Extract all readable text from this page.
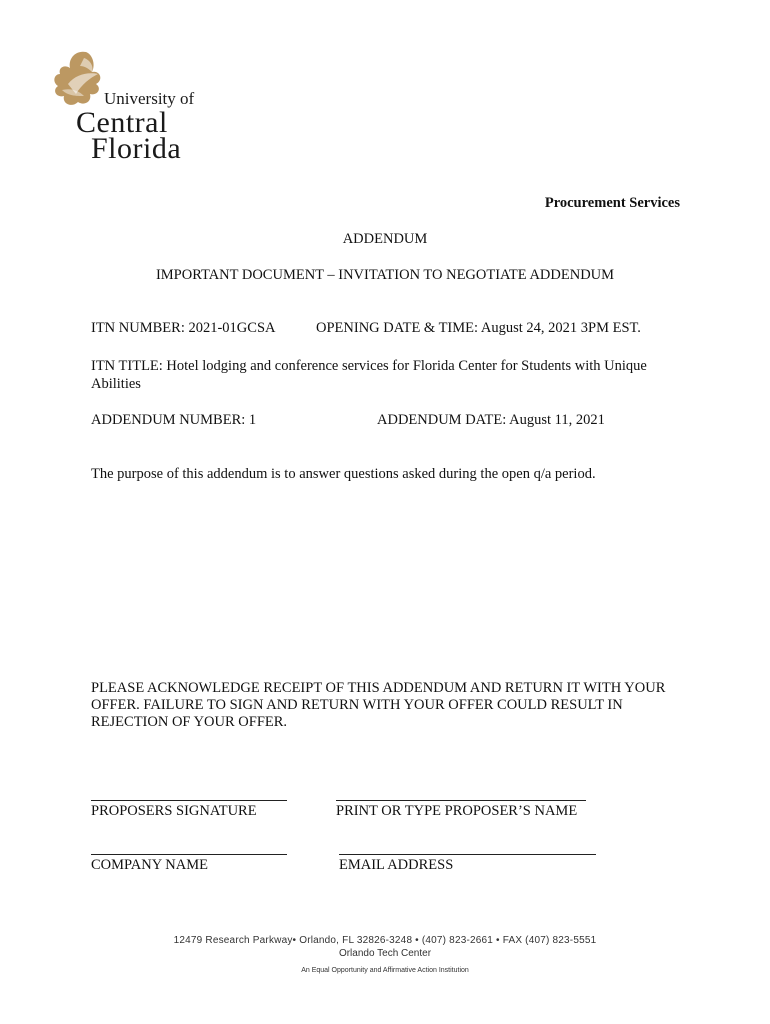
University of
Central
Florida
Procurement Services
ADDENDUM
IMPORTANT DOCUMENT – INVITATION TO NEGOTIATE ADDENDUM
ITN NUMBER: 2021-01GCSA	OPENING DATE & TIME: August 24, 2021 3PM EST.
ITN TITLE: Hotel lodging and conference services for Florida Center for Students with Unique Abilities
ADDENDUM NUMBER: 1	ADDENDUM DATE: August 11, 2021
The purpose of this addendum is to answer questions asked during the open q/a period.
PLEASE ACKNOWLEDGE RECEIPT OF THIS ADDENDUM AND RETURN IT WITH YOUR OFFER. FAILURE TO SIGN AND RETURN WITH YOUR OFFER COULD RESULT IN REJECTION OF YOUR OFFER.
PROPOSERS SIGNATURE	PRINT OR TYPE PROPOSER’S NAME
COMPANY NAME	EMAIL ADDRESS
12479 Research Parkway• Orlando, FL 32826-3248 • (407) 823-2661 • FAX (407) 823-5551
Orlando Tech Center
An Equal Opportunity and Affirmative Action Institution
